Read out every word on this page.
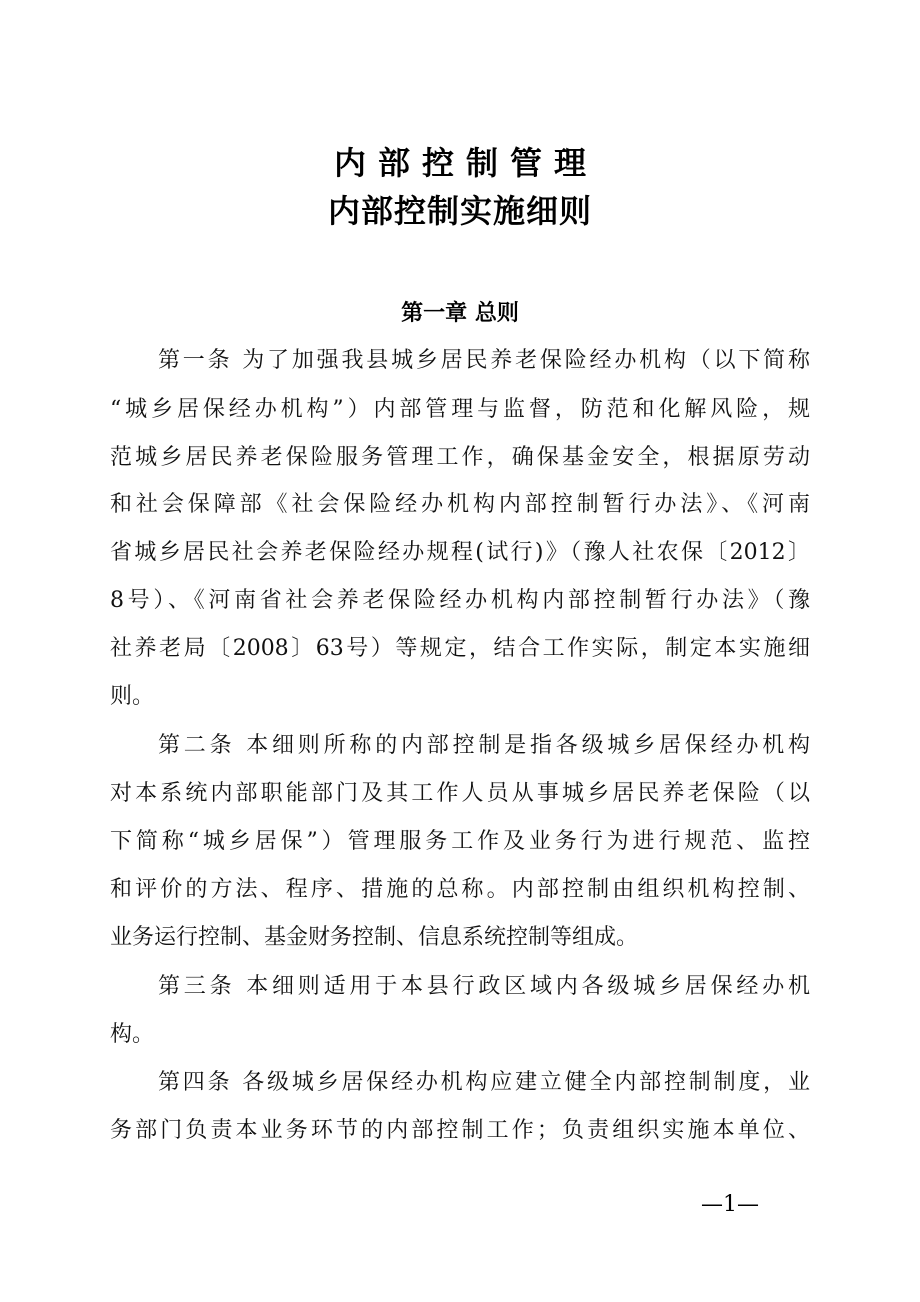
内部控制管理
内部控制实施细则
第一章 总则
第一条 为了加强我县城乡居民养老保险经办机构（以下简称
“城乡居保经办机构”）内部管理与监督，防范和化解风险，规
范城乡居民养老保险服务管理工作，确保基金安全，根据原劳动
和社会保障部《社会保险经办机构内部控制暂行办法》、《河南
省城乡居民社会养老保险经办规程(试行)》（豫人社农保〔2012〕
8号）、《河南省社会养老保险经办机构内部控制暂行办法》（豫
社养老局〔2008〕63号）等规定，结合工作实际，制定本实施细
则。
第二条 本细则所称的内部控制是指各级城乡居保经办机构
对本系统内部职能部门及其工作人员从事城乡居民养老保险（以
下简称“城乡居保”）管理服务工作及业务行为进行规范、监控
和评价的方法、程序、措施的总称。内部控制由组织机构控制、
业务运行控制、基金财务控制、信息系统控制等组成。
第三条 本细则适用于本县行政区域内各级城乡居保经办机
构。
第四条 各级城乡居保经办机构应建立健全内部控制制度，业
务部门负责本业务环节的内部控制工作；负责组织实施本单位、
—1—
